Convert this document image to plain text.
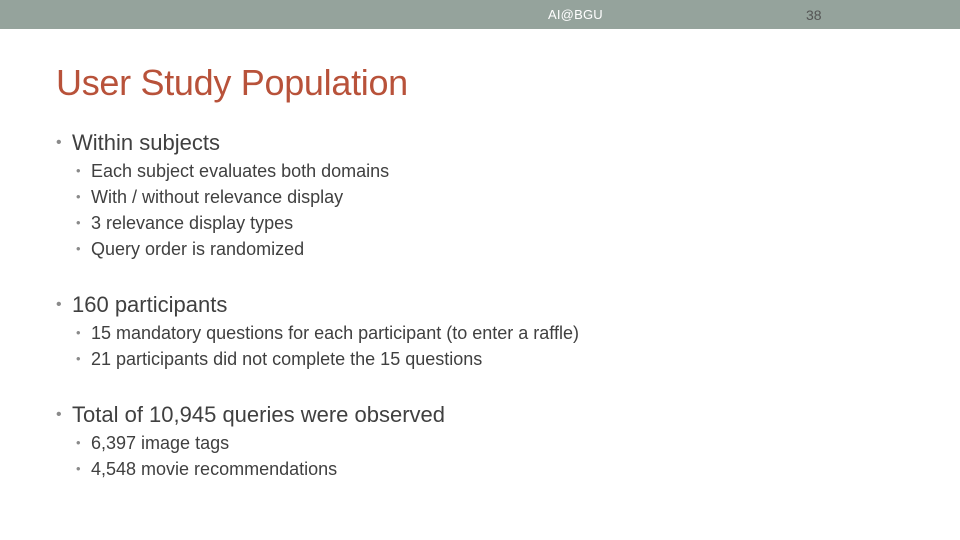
AI@BGU	38
User Study Population
• Within subjects
• Each subject evaluates both domains
• With / without relevance display
• 3 relevance display types
• Query order is randomized
• 160 participants
• 15 mandatory questions for each participant (to enter a raffle)
• 21 participants did not complete the 15 questions
• Total of 10,945 queries were observed
• 6,397 image tags
• 4,548 movie recommendations
